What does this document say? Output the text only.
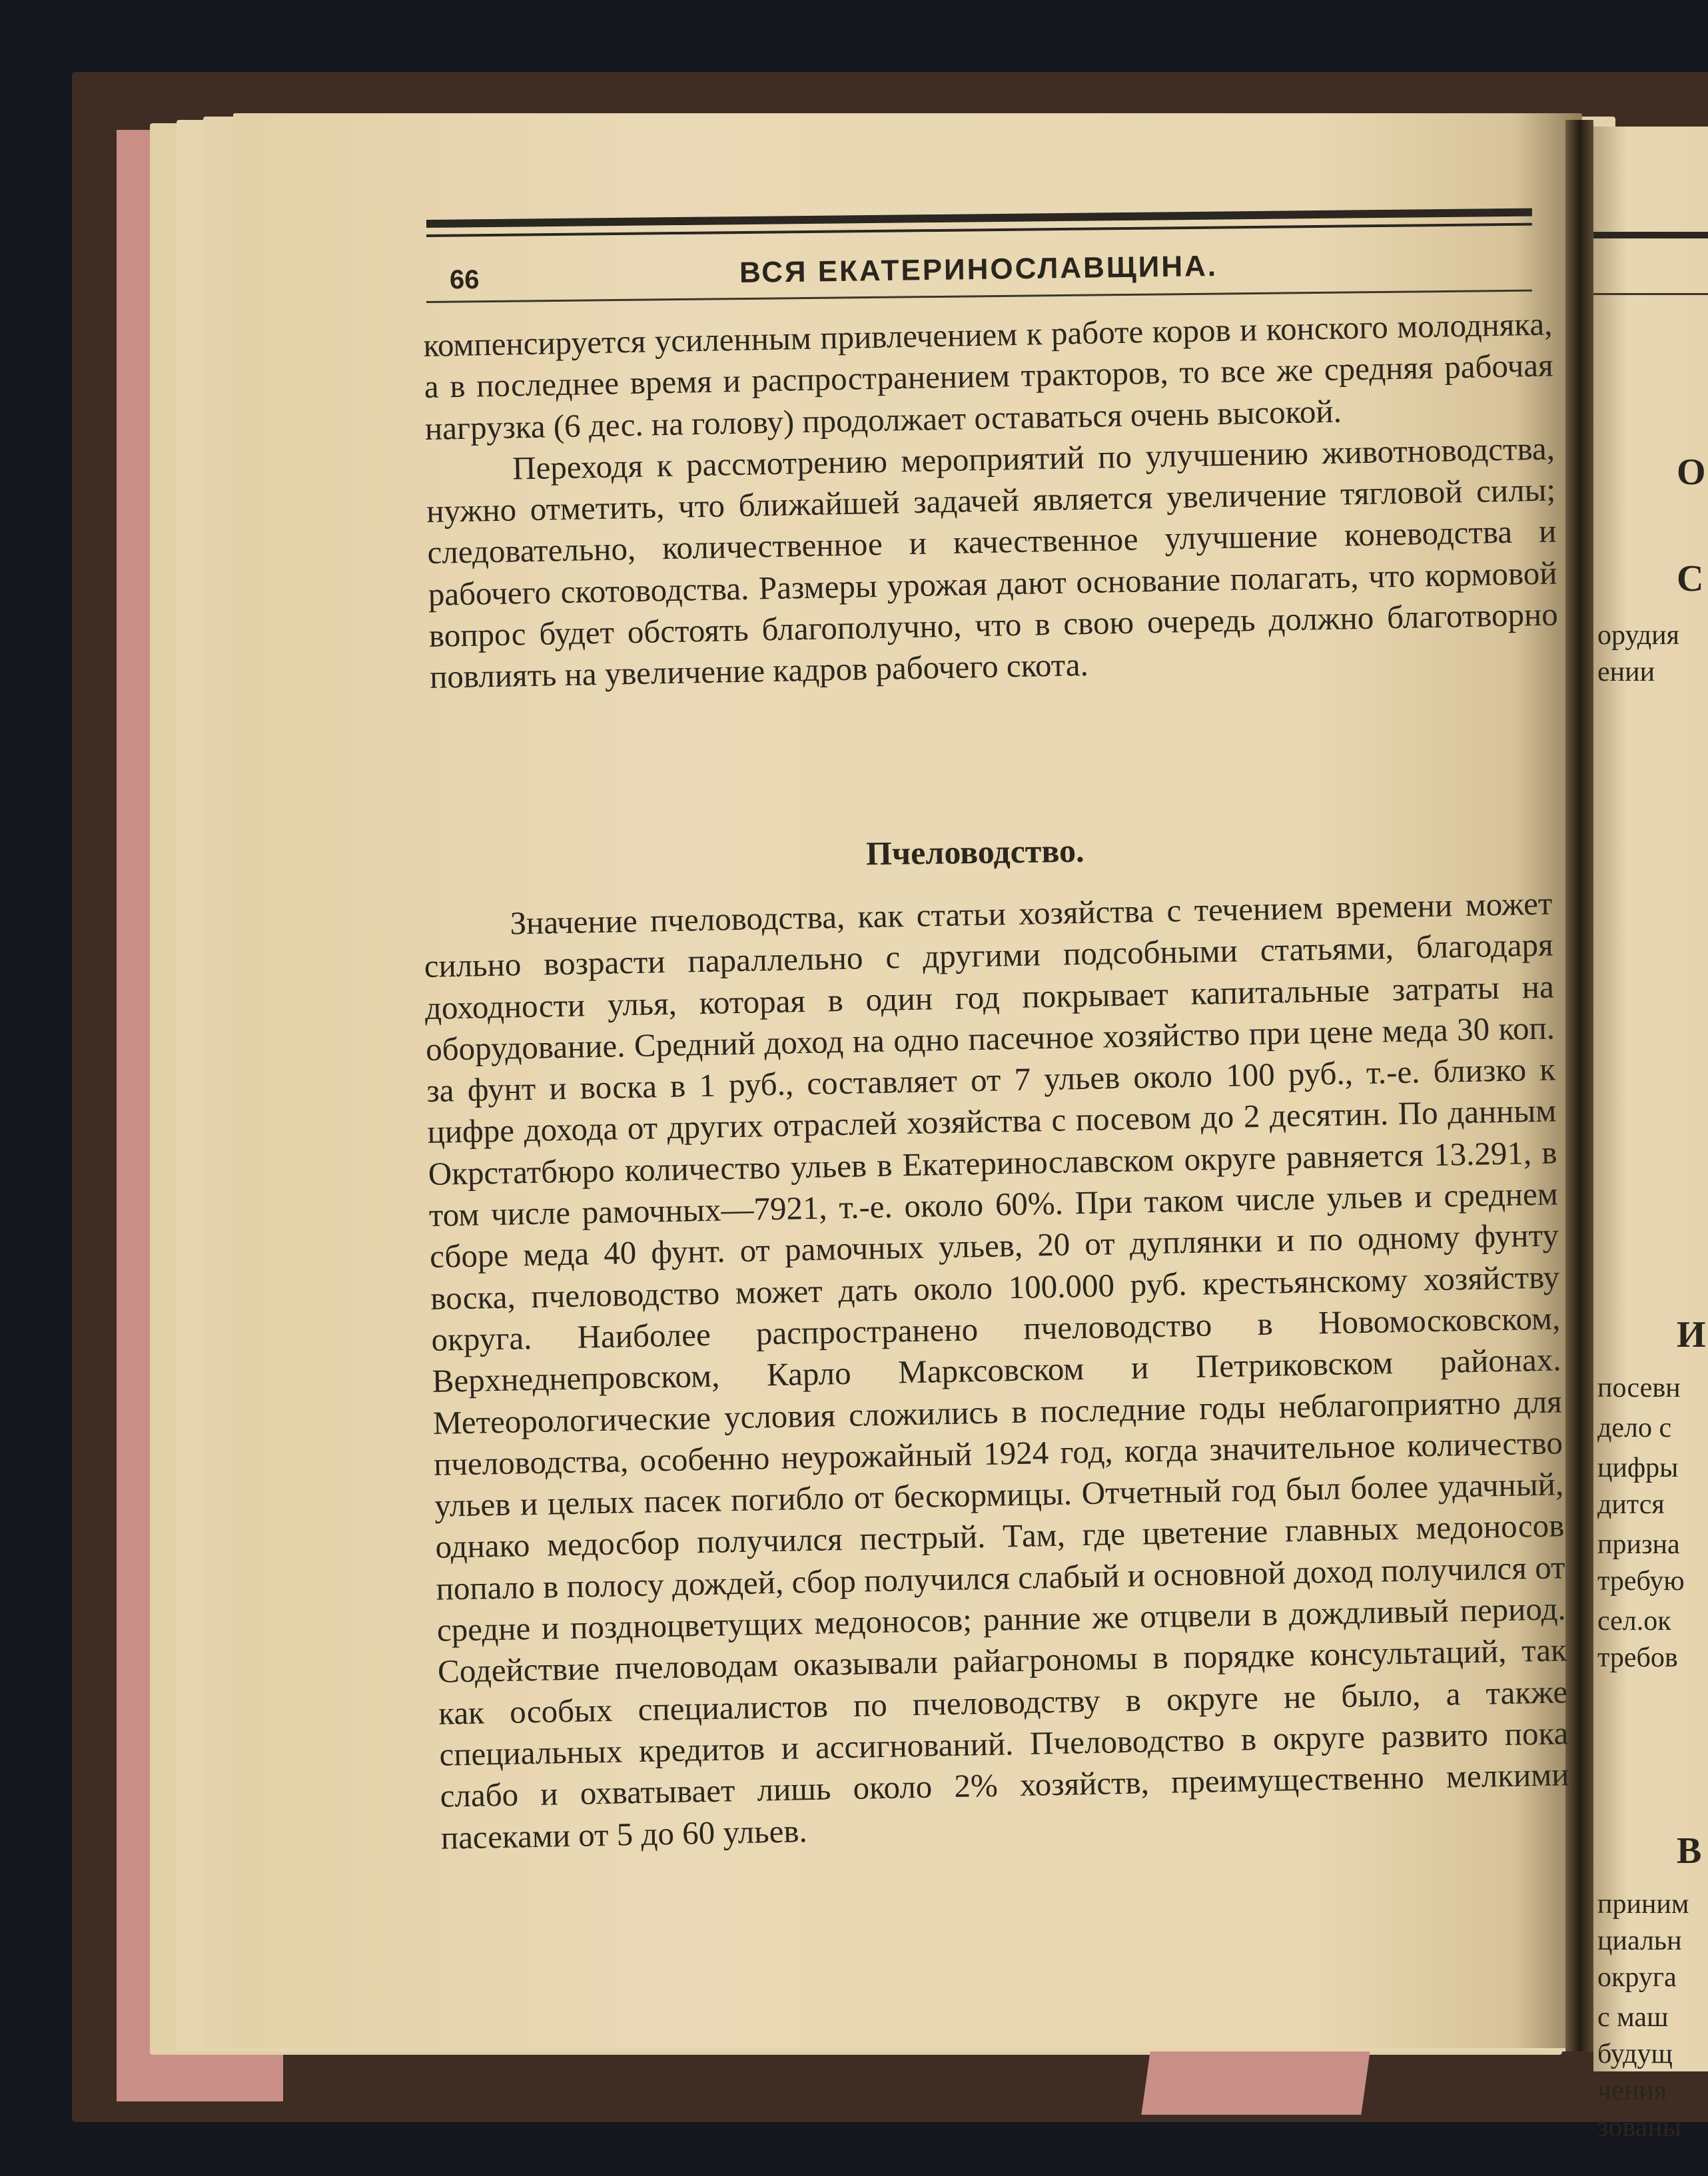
О

С

орудия

ении

И

посевн

дело с

цифры

дится

призна

требую

сел.ок

требов

В

приним

циальн

округа

с маш

будущ

чения

зованы

66	ВСЯ ЕКАТЕРИНОСЛАВЩИНА.

компенсируется усиленным привлечением к работе коров и конского молодняка, а в последнее время и распространением тракторов, то все же средняя рабочая нагрузка (6 дес. на голову) продолжает оставаться очень высокой.

Переходя к рассмотрению мероприятий по улучшению животноводства, нужно отметить, что ближайшей задачей является увеличение тягловой силы; следовательно, количественное и качественное улучшение коневодства и рабочего скотоводства. Размеры урожая дают основание полагать, что кормовой вопрос будет обстоять благополучно, что в свою очередь должно благотворно повлиять на увеличение кадров рабочего скота.

Пчеловодство.

Значение пчеловодства, как статьи хозяйства с течением времени может сильно возрасти параллельно с другими подсобными статьями, благодаря доходности улья, которая в один год покрывает капитальные затраты на оборудование. Средний доход на одно пасечное хозяйство при цене меда 30 коп. за фунт и воска в 1 руб., составляет от 7 ульев около 100 руб., т.-е. близко к цифре дохода от других отраслей хозяйства с посевом до 2 десятин. По данным Окрстатбюро количество ульев в Екатеринославском округе равняется 13.291, в том числе рамочных—7921, т.-е. около 60%. При таком числе ульев и среднем сборе меда 40 фунт. от рамочных ульев, 20 от дуплянки и по одному фунту воска, пчеловодство может дать около 100.000 руб. крестьянскому хозяйству округа. Наиболее распространено пчеловодство в Новомосковском, Верхнеднепровском, Карло Марксовском и Петриковском районах. Метеорологические условия сложились в последние годы неблагоприятно для пчеловодства, особенно неурожайный 1924 год, когда значительное количество ульев и целых пасек погибло от бескормицы. Отчетный год был более удачный, однако медосбор получился пестрый. Там, где цветение главных медоносов попало в полосу дождей, сбор получился слабый и основной доход получился от средне и поздноцветущих медоносов; ранние же отцвели в дождливый период. Содействие пчеловодам оказывали райагрономы в порядке консультаций, так как особых специалистов по пчеловодству в округе не было, а также специальных кредитов и ассигнований. Пчеловодство в округе развито пока слабо и охватывает лишь около 2% хозяйств, преимущественно мелкими пасеками от 5 до 60 ульев.
